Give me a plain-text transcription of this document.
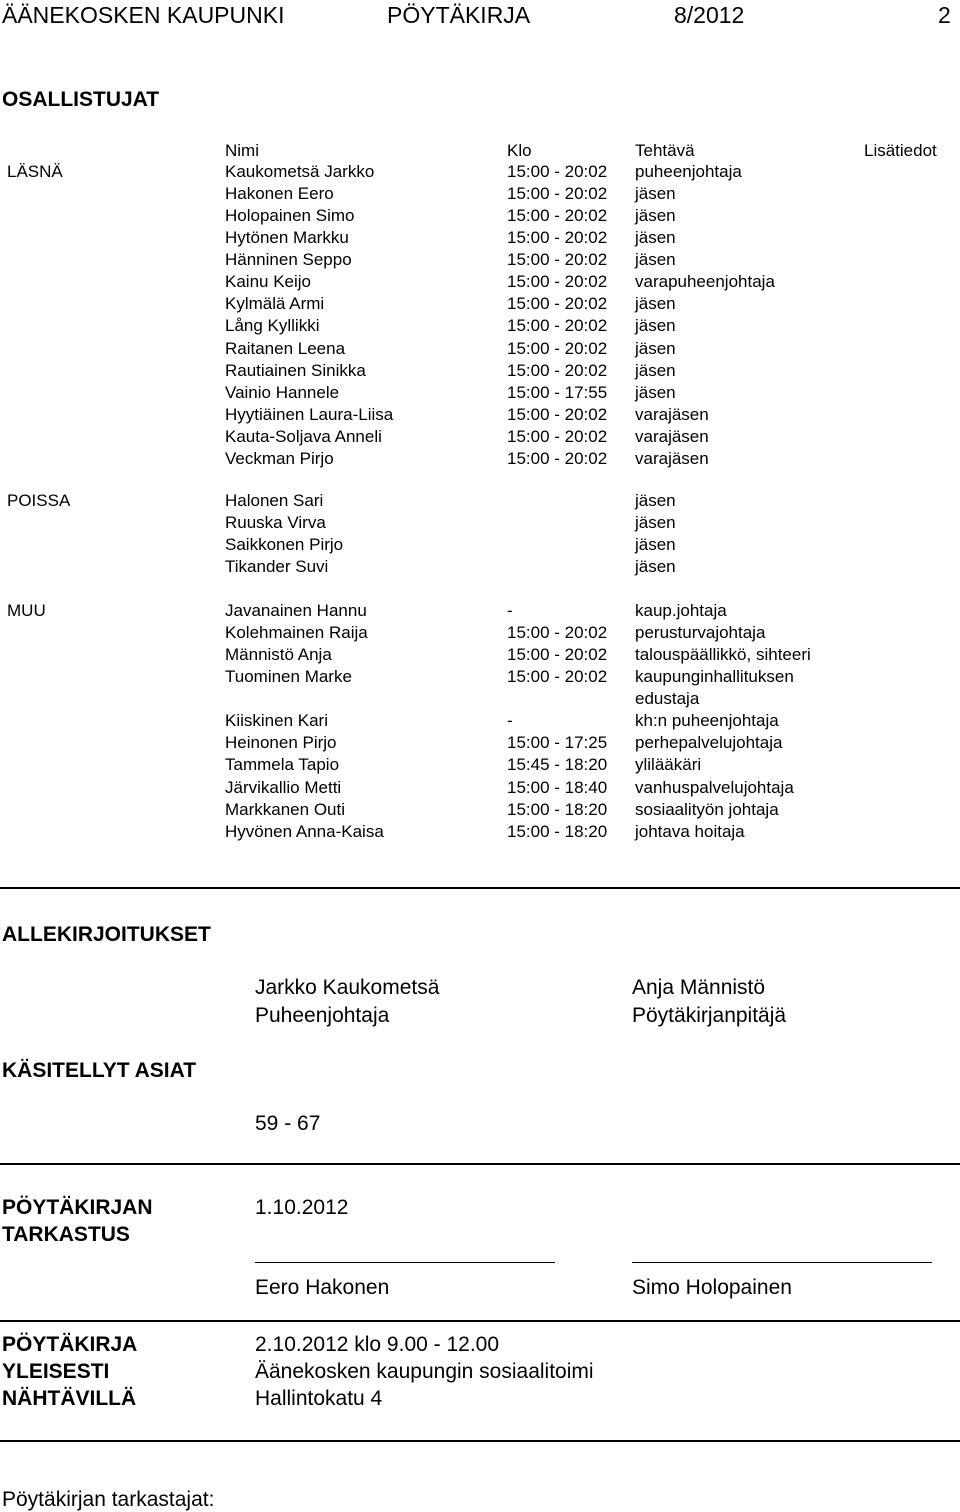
ÄÄNEKOSKEN KAUPUNKI	PÖYTÄKIRJA	8/2012	2
OSALLISTUJAT
Nimi	Klo	Tehtävä	Lisätiedot
LÄSNÄ	Kaukometsä Jarkko	15:00 - 20:02 puheenjohtaja
Hakonen Eero	15:00 - 20:02 jäsen
Holopainen Simo	15:00 - 20:02 jäsen
Hytönen Markku	15:00 - 20:02 jäsen
Hänninen Seppo	15:00 - 20:02 jäsen
Kainu Keijo	15:00 - 20:02 varapuheenjohtaja
Kylmälä Armi	15:00 - 20:02 jäsen
Lång Kyllikki	15:00 - 20:02 jäsen
Raitanen Leena	15:00 - 20:02 jäsen
Rautiainen Sinikka	15:00 - 20:02 jäsen
Vainio Hannele	15:00 - 17:55 jäsen
Hyytiäinen Laura-Liisa	15:00 - 20:02 varajäsen
Kauta-Soljava Anneli	15:00 - 20:02 varajäsen
Veckman Pirjo	15:00 - 20:02 varajäsen
POISSA	Halonen Sari	jäsen
Ruuska Virva	jäsen
Saikkonen Pirjo	jäsen
Tikander Suvi	jäsen
MUU	Javanainen Hannu	-	kaup.johtaja
Kolehmainen Raija	15:00 - 20:02 perusturvajohtaja
Männistö Anja	15:00 - 20:02 talouspäällikkö, sihteeri
Tuominen Marke	15:00 - 20:02 kaupunginhallituksen
edustaja
Kiiskinen Kari	-	kh:n puheenjohtaja
Heinonen Pirjo	15:00 - 17:25 perhepalvelujohtaja
Tammela Tapio	15:45 - 18:20 ylilääkäri
Järvikallio Metti	15:00 - 18:40 vanhuspalvelujohtaja
Markkanen Outi	15:00 - 18:20 sosiaalityön johtaja
Hyvönen Anna-Kaisa	15:00 - 18:20 johtava hoitaja
ALLEKIRJOITUKSET
Jarkko Kaukometsä
Puheenjohtaja
Anja Männistö
Pöytäkirjanpitäjä
KÄSITELLYT ASIAT
59 - 67
PÖYTÄKIRJAN
TARKASTUS
1.10.2012
Eero Hakonen	Simo Holopainen
PÖYTÄKIRJA
YLEISESTI
NÄHTÄVILLÄ
2.10.2012 klo 9.00 - 12.00
Äänekosken kaupungin sosiaalitoimi
Hallintokatu 4
Pöytäkirjan tarkastajat:
